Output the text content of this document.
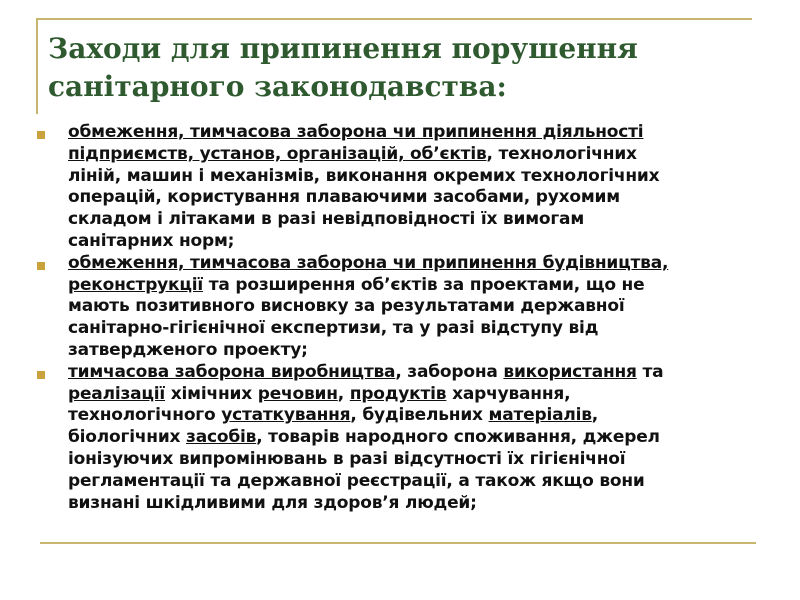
Заходи для припинення порушення
санітарного законодавства:
обмеження, тимчасова заборона чи припинення діяльності
підприємств, установ, організацій, об’єктів, технологічних
ліній, машин і механізмів, виконання окремих технологічних
операцій, користування плаваючими засобами, рухомим
складом і літаками в разі невідповідності їх вимогам
санітарних норм;
обмеження, тимчасова заборона чи припинення будівництва,
реконструкції та розширення об’єктів за проектами, що не
мають позитивного висновку за результатами державної
санітарно-гігієнічної експертизи, та у разі відступу від
затвердженого проекту;
тимчасова заборона виробництва, заборона використання та
реалізації хімічних речовин, продуктів харчування,
технологічного устаткування, будівельних матеріалів,
біологічних засобів, товарів народного споживання, джерел
іонізуючих випромінювань в разі відсутності їх гігієнічної
регламентації та державної реєстрації, а також якщо вони
визнані шкідливими для здоров’я людей;
